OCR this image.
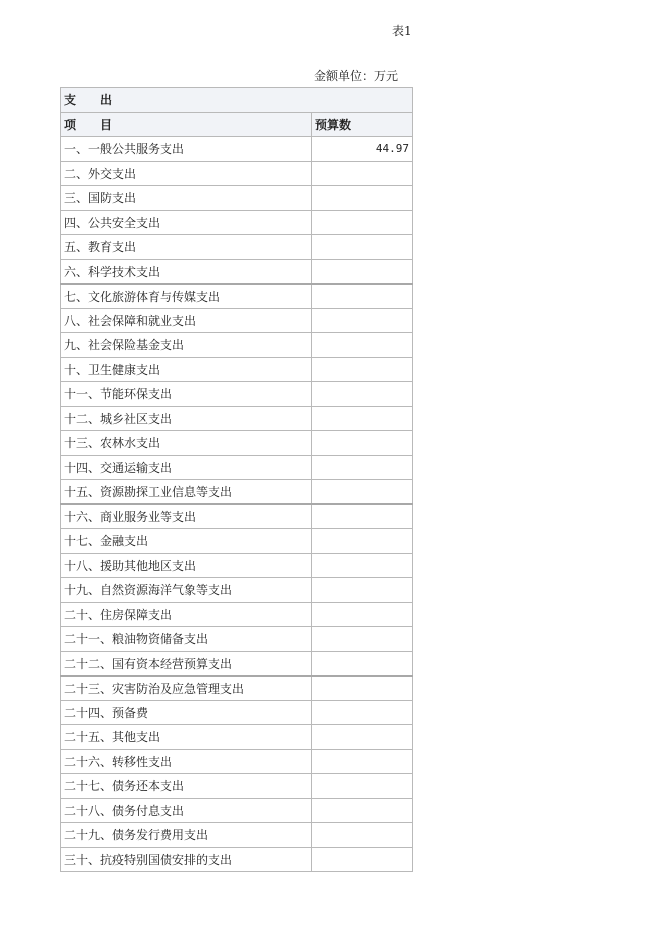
表1
金额单位：万元
支 出	
项 目	预算数
一、一般公共服务支出	44.97
二、外交支出	
三、国防支出	
四、公共安全支出	
五、教育支出	
六、科学技术支出	
七、文化旅游体育与传媒支出	
八、社会保障和就业支出	
九、社会保险基金支出	
十、卫生健康支出	
十一、节能环保支出	
十二、城乡社区支出	
十三、农林水支出	
十四、交通运输支出	
十五、资源勘探工业信息等支出	
十六、商业服务业等支出	
十七、金融支出	
十八、援助其他地区支出	
十九、自然资源海洋气象等支出	
二十、住房保障支出	
二十一、粮油物资储备支出	
二十二、国有资本经营预算支出	
二十三、灾害防治及应急管理支出	
二十四、预备费	
二十五、其他支出	
二十六、转移性支出	
二十七、债务还本支出	
二十八、债务付息支出	
二十九、债务发行费用支出	
三十、抗疫特别国债安排的支出	
